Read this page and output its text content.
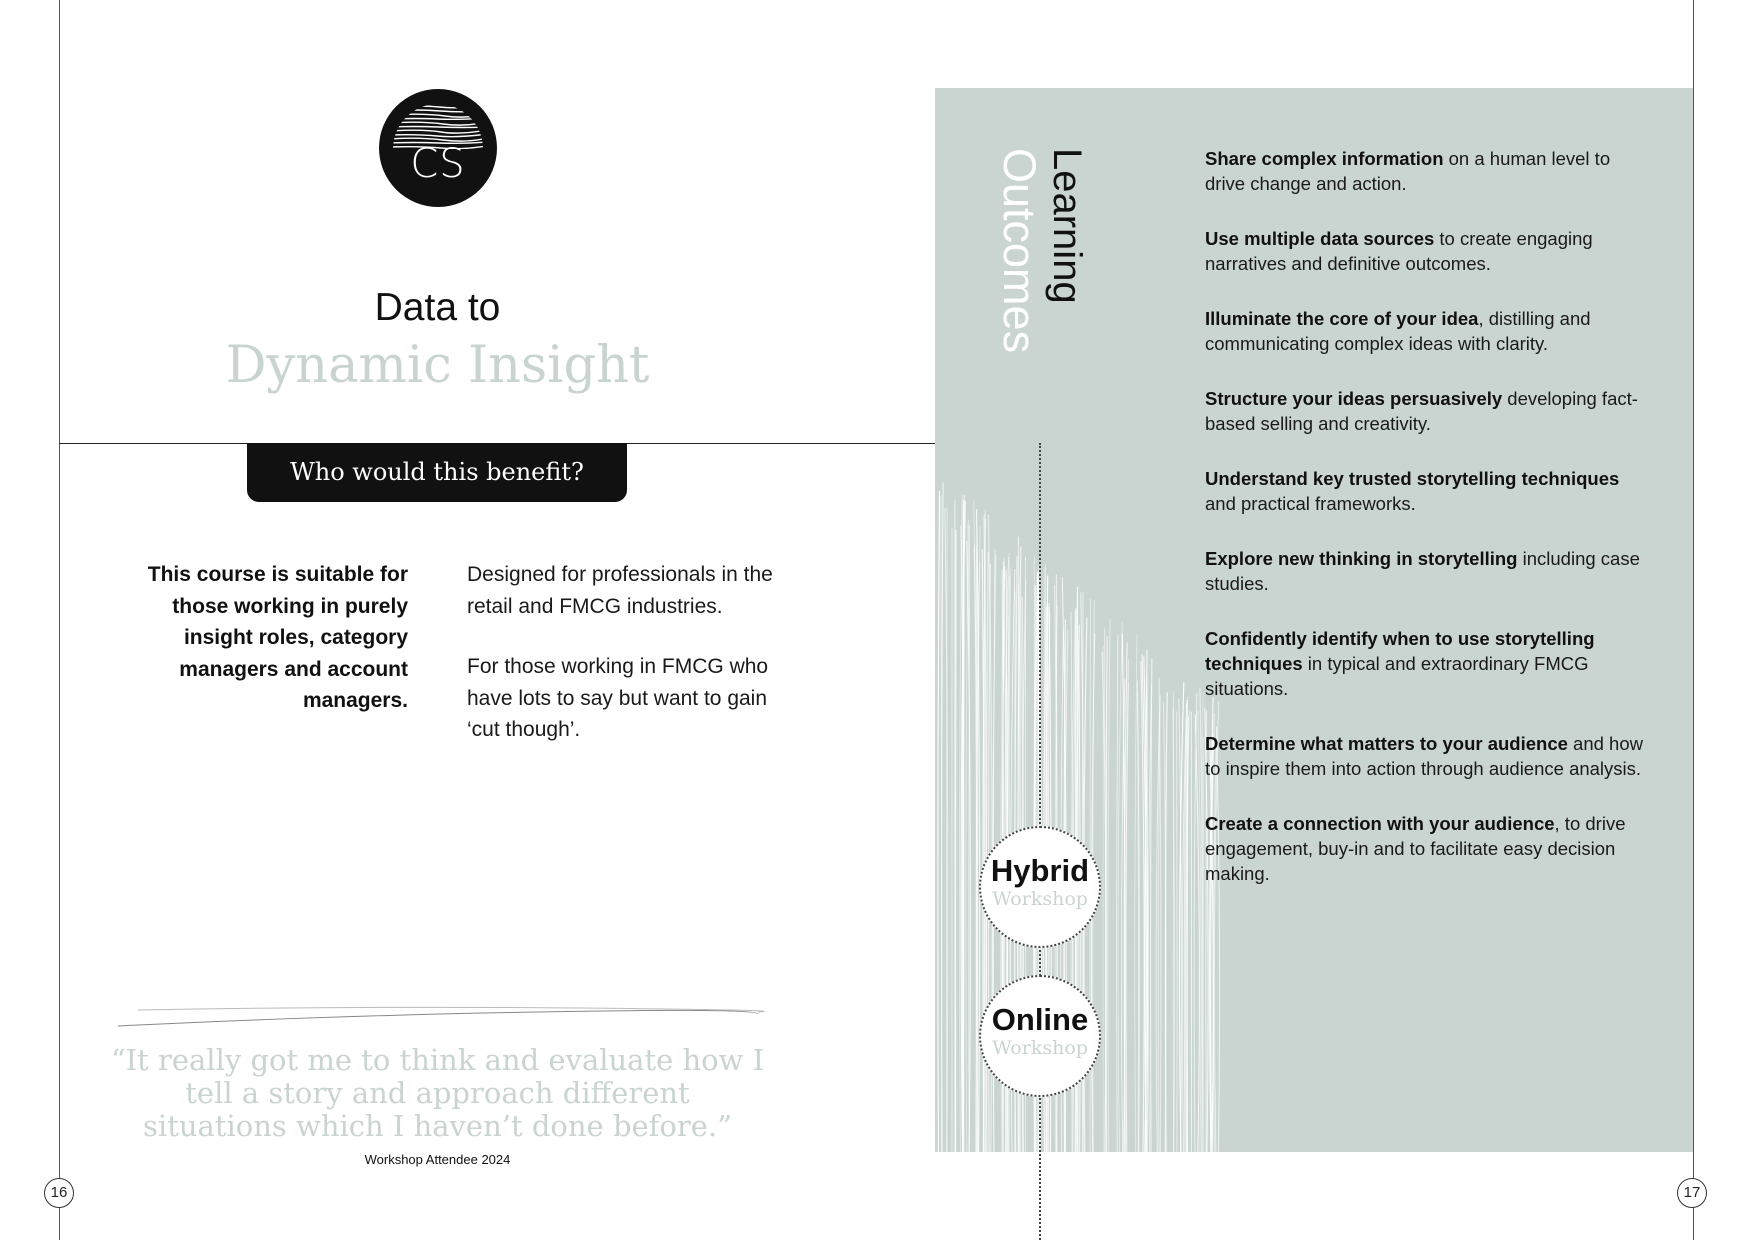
CS
Data to
Dynamic Insight
Who would this benefit?
This course is suitable for those working in purely insight roles, category managers and account managers.

Designed for professionals in the retail and FMCG industries.

For those working in FMCG who have lots to say but want to gain ‘cut though’.

“It really got me to think and evaluate how I tell a story and approach different situations which I haven’t done before.”
Workshop Attendee 2024
Learning
Outcomes
Hybrid
Workshop
Online
Workshop
Share complex information on a human level to drive change and action.
Use multiple data sources to create engaging narratives and definitive outcomes.
Illuminate the core of your idea, distilling and communicating complex ideas with clarity.
Structure your ideas persuasively developing fact-based selling and creativity.
Understand key trusted storytelling techniques and practical frameworks.
Explore new thinking in storytelling including case studies.
Confidently identify when to use storytelling techniques in typical and extraordinary FMCG situations.
Determine what matters to your audience and how to inspire them into action through audience analysis.
Create a connection with your audience, to drive engagement, buy-in and to facilitate easy decision making.
16	17
